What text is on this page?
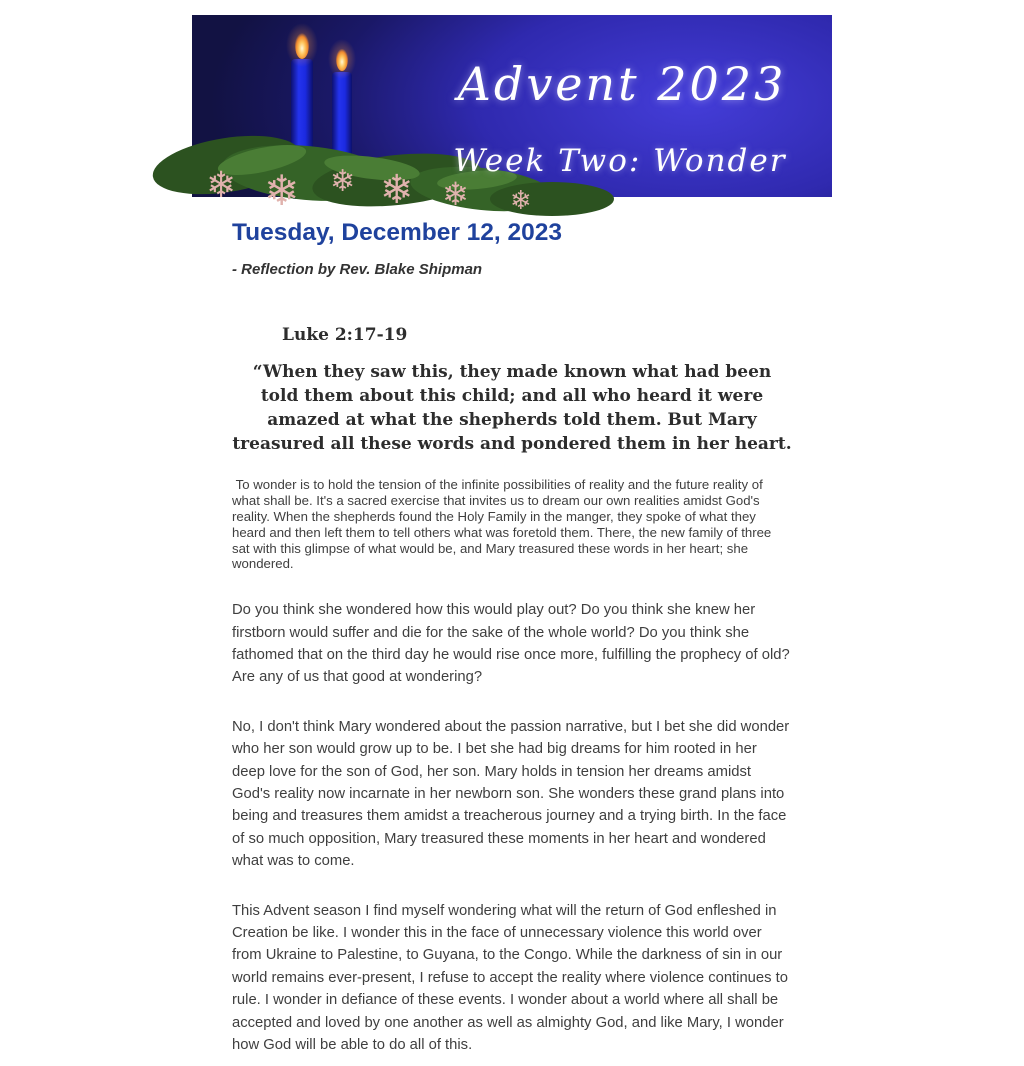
❄ ❄ ❄ ❄ ❄ ❄
Advent 2023
Week Two: Wonder
Tuesday, December 12, 2023

- Reflection by Rev. Blake Shipman

Luke 2:17-19

“When they saw this, they made known what had been told them about this child; and all who heard it were amazed at what the shepherds told them. But Mary treasured all these words and pondered them in her heart.

To wonder is to hold the tension of the infinite possibilities of reality and the future reality of what shall be. It's a sacred exercise that invites us to dream our own realities amidst God's reality. When the shepherds found the Holy Family in the manger, they spoke of what they heard and then left them to tell others what was foretold them. There, the new family of three sat with this glimpse of what would be, and Mary treasured these words in her heart; she wondered.

Do you think she wondered how this would play out? Do you think she knew her firstborn would suffer and die for the sake of the whole world? Do you think she fathomed that on the third day he would rise once more, fulfilling the prophecy of old? Are any of us that good at wondering?

No, I don't think Mary wondered about the passion narrative, but I bet she did wonder who her son would grow up to be. I bet she had big dreams for him rooted in her deep love for the son of God, her son. Mary holds in tension her dreams amidst God's reality now incarnate in her newborn son. She wonders these grand plans into being and treasures them amidst a treacherous journey and a trying birth. In the face of so much opposition, Mary treasured these moments in her heart and wondered what was to come.

This Advent season I find myself wondering what will the return of God enfleshed in Creation be like. I wonder this in the face of unnecessary violence this world over from Ukraine to Palestine, to Guyana, to the Congo. While the darkness of sin in our world remains ever-present, I refuse to accept the reality where violence continues to rule. I wonder in defiance of these events. I wonder about a world where all shall be accepted and loved by one another as well as almighty God, and like Mary, I wonder how God will be able to do all of this.
